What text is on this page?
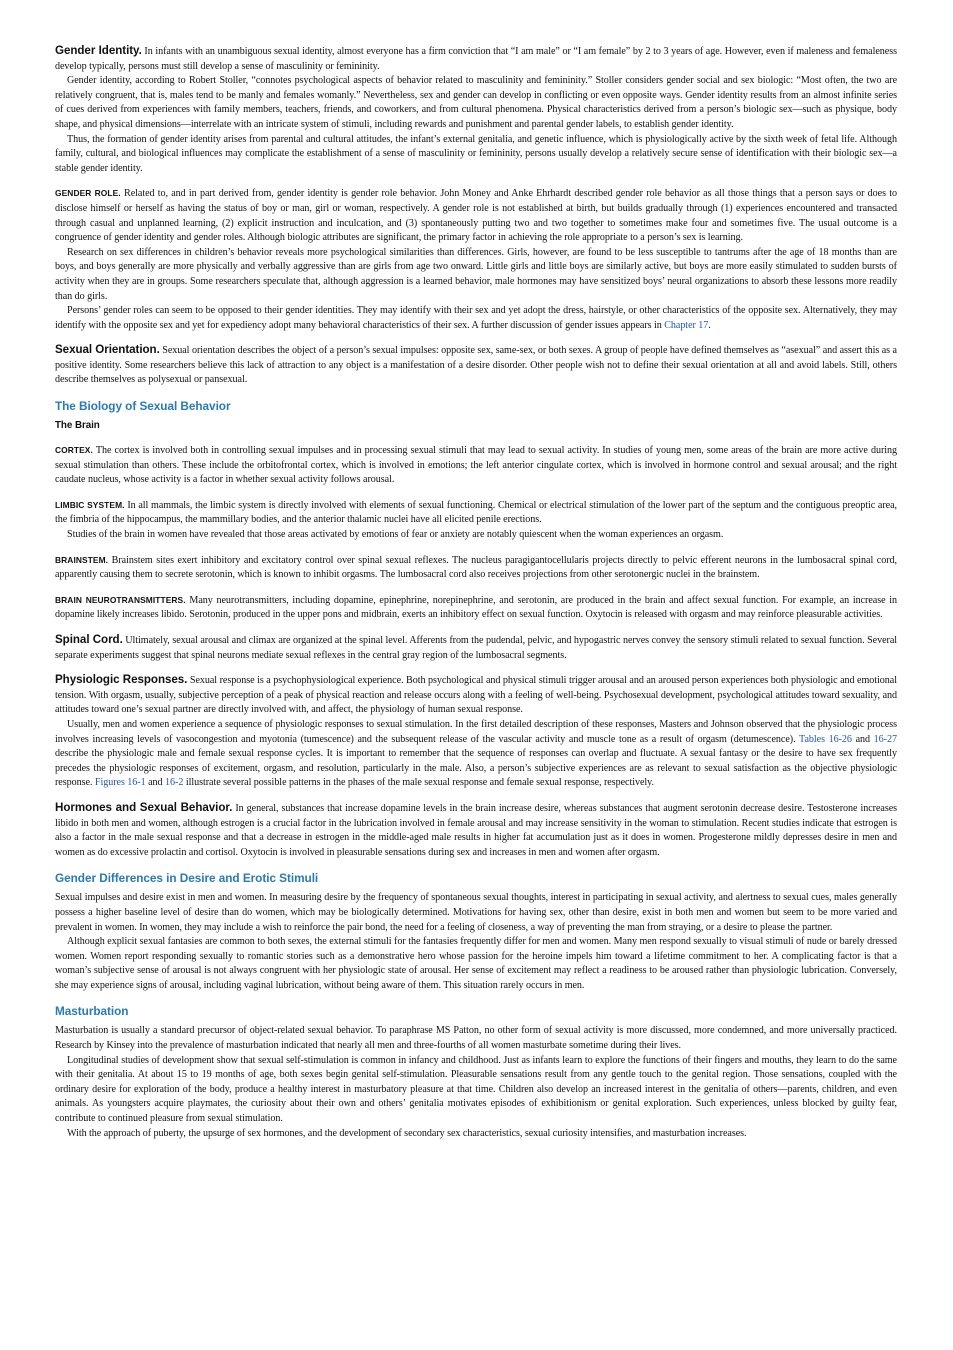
Gender Identity. In infants with an unambiguous sexual identity, almost everyone has a firm conviction that “I am male” or “I am female” by 2 to 3 years of age. However, even if maleness and femaleness develop typically, persons must still develop a sense of masculinity or femininity.

Gender identity, according to Robert Stoller, “connotes psychological aspects of behavior related to masculinity and femininity.” Stoller considers gender social and sex biologic: “Most often, the two are relatively congruent, that is, males tend to be manly and females womanly.” Nevertheless, sex and gender can develop in conflicting or even opposite ways. Gender identity results from an almost infinite series of cues derived from experiences with family members, teachers, friends, and coworkers, and from cultural phenomena. Physical characteristics derived from a person’s biologic sex—such as physique, body shape, and physical dimensions—interrelate with an intricate system of stimuli, including rewards and punishment and parental gender labels, to establish gender identity.

Thus, the formation of gender identity arises from parental and cultural attitudes, the infant’s external genitalia, and genetic influence, which is physiologically active by the sixth week of fetal life. Although family, cultural, and biological influences may complicate the establishment of a sense of masculinity or femininity, persons usually develop a relatively secure sense of identification with their biologic sex—a stable gender identity.

GENDER ROLE. Related to, and in part derived from, gender identity is gender role behavior. John Money and Anke Ehrhardt described gender role behavior as all those things that a person says or does to disclose himself or herself as having the status of boy or man, girl or woman, respectively. A gender role is not established at birth, but builds gradually through (1) experiences encountered and transacted through casual and unplanned learning, (2) explicit instruction and inculcation, and (3) spontaneously putting two and two together to sometimes make four and sometimes five. The usual outcome is a congruence of gender identity and gender roles. Although biologic attributes are significant, the primary factor in achieving the role appropriate to a person’s sex is learning.

Research on sex differences in children’s behavior reveals more psychological similarities than differences. Girls, however, are found to be less susceptible to tantrums after the age of 18 months than are boys, and boys generally are more physically and verbally aggressive than are girls from age two onward. Little girls and little boys are similarly active, but boys are more easily stimulated to sudden bursts of activity when they are in groups. Some researchers speculate that, although aggression is a learned behavior, male hormones may have sensitized boys’ neural organizations to absorb these lessons more readily than do girls.

Persons’ gender roles can seem to be opposed to their gender identities. They may identify with their sex and yet adopt the dress, hairstyle, or other characteristics of the opposite sex. Alternatively, they may identify with the opposite sex and yet for expediency adopt many behavioral characteristics of their sex. A further discussion of gender issues appears in Chapter 17.

Sexual Orientation. Sexual orientation describes the object of a person’s sexual impulses: opposite sex, same-sex, or both sexes. A group of people have defined themselves as “asexual” and assert this as a positive identity. Some researchers believe this lack of attraction to any object is a manifestation of a desire disorder. Other people wish not to define their sexual orientation at all and avoid labels. Still, others describe themselves as polysexual or pansexual.

The Biology of Sexual Behavior

The Brain

CORTEX. The cortex is involved both in controlling sexual impulses and in processing sexual stimuli that may lead to sexual activity. In studies of young men, some areas of the brain are more active during sexual stimulation than others. These include the orbitofrontal cortex, which is involved in emotions; the left anterior cingulate cortex, which is involved in hormone control and sexual arousal; and the right caudate nucleus, whose activity is a factor in whether sexual activity follows arousal.

LIMBIC SYSTEM. In all mammals, the limbic system is directly involved with elements of sexual functioning. Chemical or electrical stimulation of the lower part of the septum and the contiguous preoptic area, the fimbria of the hippocampus, the mammillary bodies, and the anterior thalamic nuclei have all elicited penile erections.

Studies of the brain in women have revealed that those areas activated by emotions of fear or anxiety are notably quiescent when the woman experiences an orgasm.

BRAINSTEM. Brainstem sites exert inhibitory and excitatory control over spinal sexual reflexes. The nucleus paragigantocellularis projects directly to pelvic efferent neurons in the lumbosacral spinal cord, apparently causing them to secrete serotonin, which is known to inhibit orgasms. The lumbosacral cord also receives projections from other serotonergic nuclei in the brainstem.

BRAIN NEUROTRANSMITTERS. Many neurotransmitters, including dopamine, epinephrine, norepinephrine, and serotonin, are produced in the brain and affect sexual function. For example, an increase in dopamine likely increases libido. Serotonin, produced in the upper pons and midbrain, exerts an inhibitory effect on sexual function. Oxytocin is released with orgasm and may reinforce pleasurable activities.

Spinal Cord. Ultimately, sexual arousal and climax are organized at the spinal level. Afferents from the pudendal, pelvic, and hypogastric nerves convey the sensory stimuli related to sexual function. Several separate experiments suggest that spinal neurons mediate sexual reflexes in the central gray region of the lumbosacral segments.

Physiologic Responses. Sexual response is a psychophysiological experience. Both psychological and physical stimuli trigger arousal and an aroused person experiences both physiologic and emotional tension. With orgasm, usually, subjective perception of a peak of physical reaction and release occurs along with a feeling of well-being. Psychosexual development, psychological attitudes toward sexuality, and attitudes toward one’s sexual partner are directly involved with, and affect, the physiology of human sexual response.

Usually, men and women experience a sequence of physiologic responses to sexual stimulation. In the first detailed description of these responses, Masters and Johnson observed that the physiologic process involves increasing levels of vasocongestion and myotonia (tumescence) and the subsequent release of the vascular activity and muscle tone as a result of orgasm (detumescence). Tables 16-26 and 16-27 describe the physiologic male and female sexual response cycles. It is important to remember that the sequence of responses can overlap and fluctuate. A sexual fantasy or the desire to have sex frequently precedes the physiologic responses of excitement, orgasm, and resolution, particularly in the male. Also, a person’s subjective experiences are as relevant to sexual satisfaction as the objective physiologic response. Figures 16-1 and 16-2 illustrate several possible patterns in the phases of the male sexual response and female sexual response, respectively.

Hormones and Sexual Behavior. In general, substances that increase dopamine levels in the brain increase desire, whereas substances that augment serotonin decrease desire. Testosterone increases libido in both men and women, although estrogen is a crucial factor in the lubrication involved in female arousal and may increase sensitivity in the woman to stimulation. Recent studies indicate that estrogen is also a factor in the male sexual response and that a decrease in estrogen in the middle-aged male results in higher fat accumulation just as it does in women. Progesterone mildly depresses desire in men and women as do excessive prolactin and cortisol. Oxytocin is involved in pleasurable sensations during sex and increases in men and women after orgasm.

Gender Differences in Desire and Erotic Stimuli

Sexual impulses and desire exist in men and women. In measuring desire by the frequency of spontaneous sexual thoughts, interest in participating in sexual activity, and alertness to sexual cues, males generally possess a higher baseline level of desire than do women, which may be biologically determined. Motivations for having sex, other than desire, exist in both men and women but seem to be more varied and prevalent in women. In women, they may include a wish to reinforce the pair bond, the need for a feeling of closeness, a way of preventing the man from straying, or a desire to please the partner.

Although explicit sexual fantasies are common to both sexes, the external stimuli for the fantasies frequently differ for men and women. Many men respond sexually to visual stimuli of nude or barely dressed women. Women report responding sexually to romantic stories such as a demonstrative hero whose passion for the heroine impels him toward a lifetime commitment to her. A complicating factor is that a woman’s subjective sense of arousal is not always congruent with her physiologic state of arousal. Her sense of excitement may reflect a readiness to be aroused rather than physiologic lubrication. Conversely, she may experience signs of arousal, including vaginal lubrication, without being aware of them. This situation rarely occurs in men.

Masturbation

Masturbation is usually a standard precursor of object-related sexual behavior. To paraphrase MS Patton, no other form of sexual activity is more discussed, more condemned, and more universally practiced. Research by Kinsey into the prevalence of masturbation indicated that nearly all men and three-fourths of all women masturbate sometime during their lives.

Longitudinal studies of development show that sexual self-stimulation is common in infancy and childhood. Just as infants learn to explore the functions of their fingers and mouths, they learn to do the same with their genitalia. At about 15 to 19 months of age, both sexes begin genital self-stimulation. Pleasurable sensations result from any gentle touch to the genital region. Those sensations, coupled with the ordinary desire for exploration of the body, produce a healthy interest in masturbatory pleasure at that time. Children also develop an increased interest in the genitalia of others—parents, children, and even animals. As youngsters acquire playmates, the curiosity about their own and others’ genitalia motivates episodes of exhibitionism or genital exploration. Such experiences, unless blocked by guilty fear, contribute to continued pleasure from sexual stimulation.

With the approach of puberty, the upsurge of sex hormones, and the development of secondary sex characteristics, sexual curiosity intensifies, and masturbation increases.
